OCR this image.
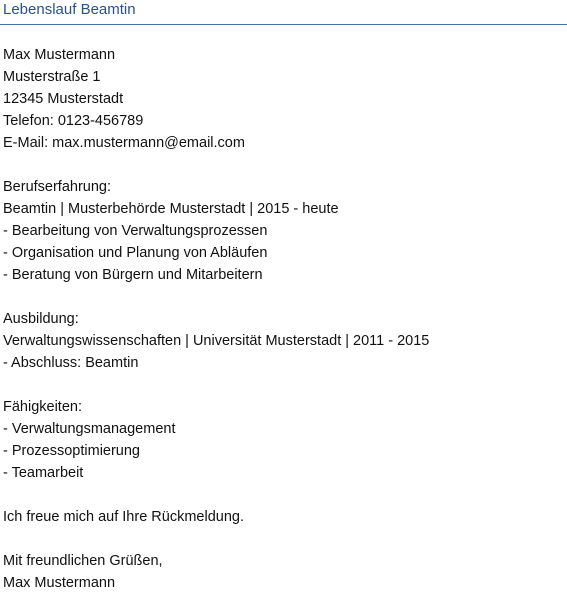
Lebenslauf Beamtin
Max Mustermann
Musterstraße 1
12345 Musterstadt
Telefon: 0123-456789
E-Mail: max.mustermann@email.com
Berufserfahrung:
Beamtin | Musterbehörde Musterstadt | 2015 - heute
- Bearbeitung von Verwaltungsprozessen
- Organisation und Planung von Abläufen
- Beratung von Bürgern und Mitarbeitern
Ausbildung:
Verwaltungswissenschaften | Universität Musterstadt | 2011 - 2015
- Abschluss: Beamtin
Fähigkeiten:
- Verwaltungsmanagement
- Prozessoptimierung
- Teamarbeit
Ich freue mich auf Ihre Rückmeldung.
Mit freundlichen Grüßen,
Max Mustermann
